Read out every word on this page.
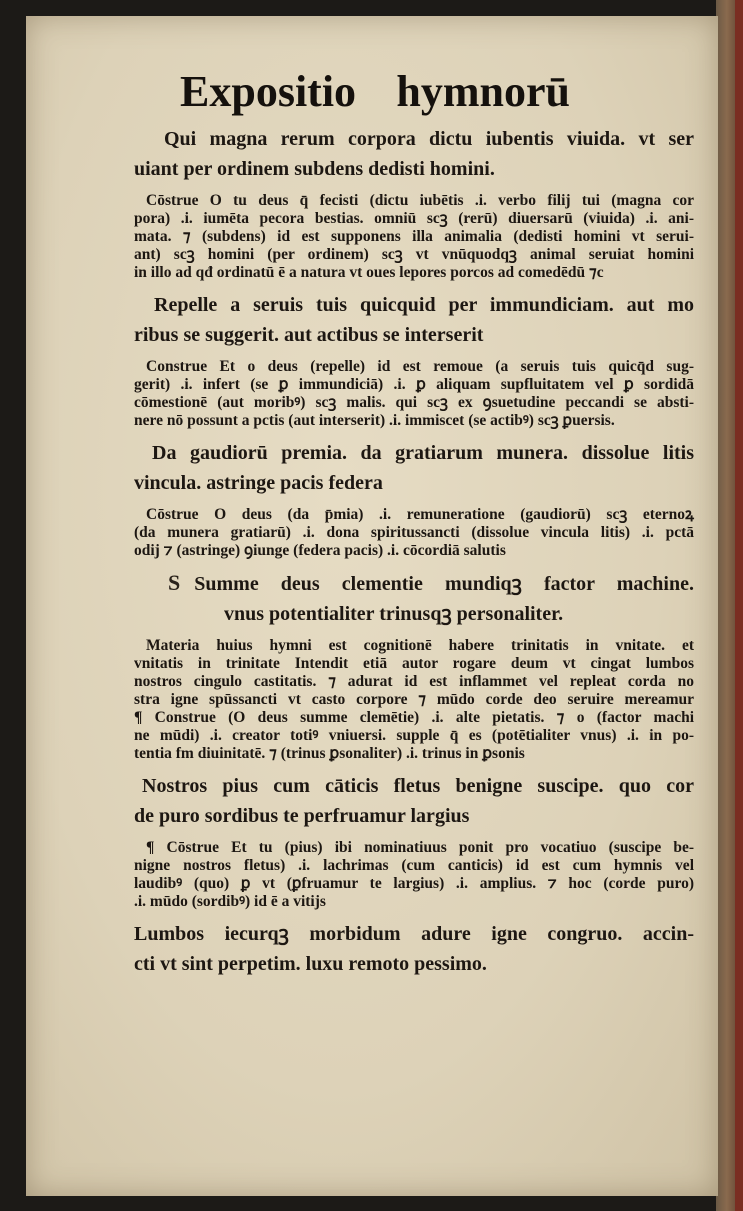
Expositio hymnorū
Qui magna rerum corpora dictu iubentis viuida. vt ser
uiant per ordinem subdens dedisti homini.
Cōstrue O tu deus q̄ fecisti (dictu iubētis .i. verbo filij tui (magna cor
pora) .i. iumēta pecora bestias. omniū scꝫ (rerū) diuersarū (viuida) .i. ani-
mata. ⁊ (subdens) id est supponens illa animalia (dedisti homini vt serui-
ant) scꝫ homini (per ordinem) scꝫ vt vnūquodqꝫ animal seruiat homini
in illo ad qđ ordinatū ē a natura vt oues lepores porcos ad comedēdū ⁊c
Repelle a seruis tuis quicquid per immundiciam. aut mo
ribus se suggerit. aut actibus se interserit
Construe Et o deus (repelle) id est remoue (a seruis tuis quicq̄d sug-
gerit) .i. infert (se ꝑ immundiciā) .i. ꝑ aliquam supfluitatem vel ꝑ sordidā
cōmestionē (aut moribꝰ) scꝫ malis. qui scꝫ ex ꝯsuetudine peccandi se absti-
nere nō possunt a pctis (aut interserit) .i. immiscet (se actibꝰ) scꝫ ꝑuersis.
Da gaudiorū premia. da gratiarum munera. dissolue litis
vincula. astringe pacis federa
Cōstrue O deus (da p̄mia) .i. remuneratione (gaudiorū) scꝫ eternoꝝ
(da munera gratiarū) .i. dona spiritussancti (dissolue vincula litis) .i. pctā
odij ⁊ (astringe) ꝯiunge (federa pacis) .i. cōcordiā salutis
S Summe deus clementie mundiqꝫ factor machine.
vnus potentialiter trinusqꝫ personaliter.
Materia huius hymni est cognitionē habere trinitatis in vnitate. et
vnitatis in trinitate Intendit etiā autor rogare deum vt cingat lumbos
nostros cingulo castitatis. ⁊ adurat id est inflammet vel repleat corda no
stra igne spūssancti vt casto corpore ⁊ mūdo corde deo seruire mereamur
¶ Construe (O deus summe clemētie) .i. alte pietatis. ⁊ o (factor machi
ne mūdi) .i. creator totiꝰ vniuersi. supple q̄ es (potētialiter vnus) .i. in po-
tentia fm diuinitatē. ⁊ (trinus ꝑsonaliter) .i. trinus in ꝑsonis
Nostros pius cum cāticis fletus benigne suscipe. quo cor
de puro sordibus te perfruamur largius
¶ Cōstrue Et tu (pius) ibi nominatiuus ponit pro vocatiuo (suscipe be-
nigne nostros fletus) .i. lachrimas (cum canticis) id est cum hymnis vel
laudibꝰ (quo) ꝑ vt (ꝑfruamur te largius) .i. amplius. ⁊ hoc (corde puro)
.i. mūdo (sordibꝰ) id ē a vitijs
Lumbos iecurqꝫ morbidum adure igne congruo. accin-
cti vt sint perpetim. luxu remoto pessimo.
